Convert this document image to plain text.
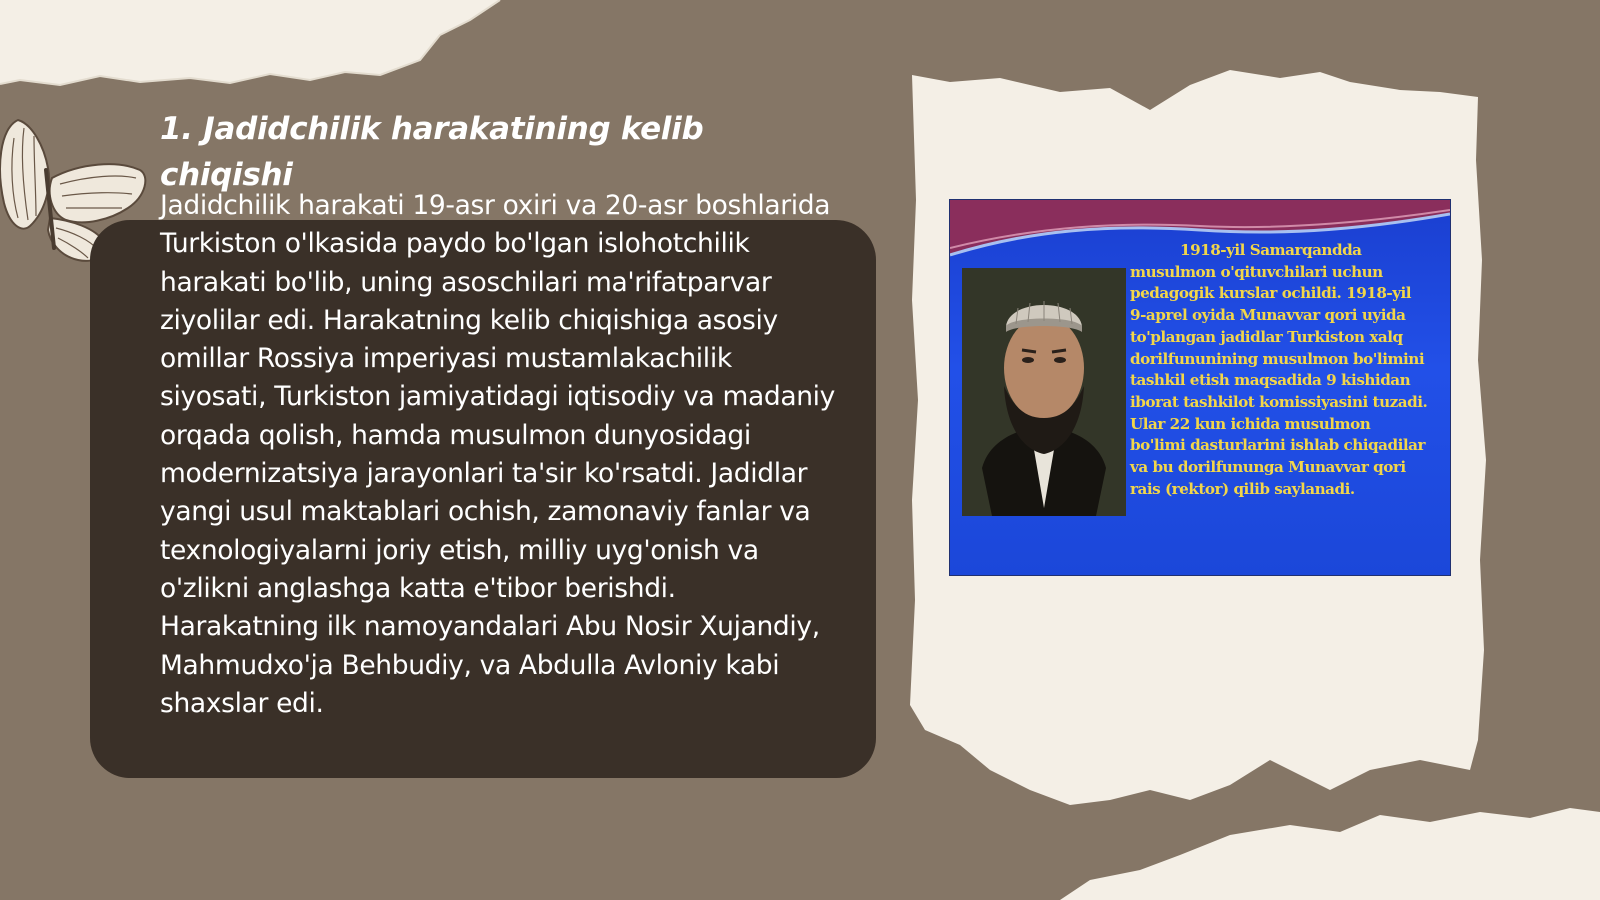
1. Jadidchilik harakatining kelib chiqishi

Jadidchilik harakati 19-asr oxiri va 20-asr boshlarida Turkiston o'lkasida paydo bo'lgan islohotchilik harakati bo'lib, uning asoschilari ma'rifatparvar ziyolilar edi. Harakatning kelib chiqishiga asosiy omillar Rossiya imperiyasi mustamlakachilik siyosati, Turkiston jamiyatidagi iqtisodiy va madaniy orqada qolish, hamda musulmon dunyosidagi modernizatsiya jarayonlari ta'sir ko'rsatdi. Jadidlar yangi usul maktablari ochish, zamonaviy fanlar va texnologiyalarni joriy etish, milliy uyg'onish va o'zlikni anglashga katta e'tibor berishdi. Harakatning ilk namoyandalari Abu Nosir Xujandiy, Mahmudxo'ja Behbudiy, va Abdulla Avloniy kabi shaxslar edi.

1918-yil Samarqandda musulmon o'qituvchilari uchun pedagogik kurslar ochildi. 1918-yil 9-aprel oyida Munavvar qori uyida to'plangan jadidlar Turkiston xalq dorilfununining musulmon bo'limini tashkil etish maqsadida 9 kishidan iborat tashkilot komissiyasini tuzadi. Ular 22 kun ichida musulmon bo'limi dasturlarini ishlab chiqadilar va bu dorilfununga Munavvar qori rais (rektor) qilib saylanadi.
